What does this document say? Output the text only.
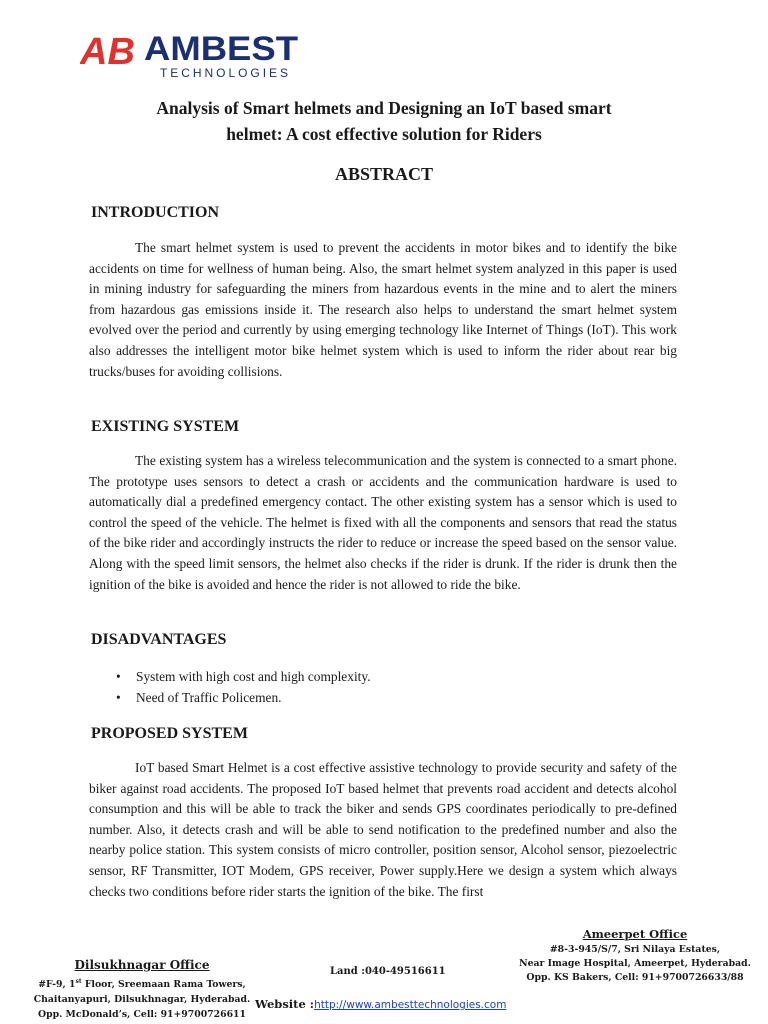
AB AMBEST
TECHNOLOGIES
Analysis of Smart helmets and Designing an IoT based smart
helmet: A cost effective solution for Riders
ABSTRACT
INTRODUCTION

The smart helmet system is used to prevent the accidents in motor bikes and to identify the bike accidents on time for wellness of human being. Also, the smart helmet system analyzed in this paper is used in mining industry for safeguarding the miners from hazardous events in the mine and to alert the miners from hazardous gas emissions inside it. The research also helps to understand the smart helmet system evolved over the period and currently by using emerging technology like Internet of Things (IoT). This work also addresses the intelligent motor bike helmet system which is used to inform the rider about rear big trucks/buses for avoiding collisions.

EXISTING SYSTEM

The existing system has a wireless telecommunication and the system is connected to a smart phone. The prototype uses sensors to detect a crash or accidents and the communication hardware is used to automatically dial a predefined emergency contact. The other existing system has a sensor which is used to control the speed of the vehicle. The helmet is fixed with all the components and sensors that read the status of the bike rider and accordingly instructs the rider to reduce or increase the speed based on the sensor value. Along with the speed limit sensors, the helmet also checks if the rider is drunk. If the rider is drunk then the ignition of the bike is avoided and hence the rider is not allowed to ride the bike.

DISADVANTAGES
• System with high cost and high complexity.
• Need of Traffic Policemen.
PROPOSED SYSTEM

IoT based Smart Helmet is a cost effective assistive technology to provide security and safety of the biker against road accidents. The proposed IoT based helmet that prevents road accident and detects alcohol consumption and this will be able to track the biker and sends GPS coordinates periodically to pre-defined number. Also, it detects crash and will be able to send notification to the predefined number and also the nearby police station. This system consists of micro controller, position sensor, Alcohol sensor, piezoelectric sensor, RF Transmitter, IOT Modem, GPS receiver, Power supply.Here we design a system which always checks two conditions before rider starts the ignition of the bike. The first

Ameerpet Office
#8-3-945/S/7, Sri Nilaya Estates,
Near Image Hospital, Ameerpet, Hyderabad.
Opp. KS Bakers, Cell: 91+9700726633/88
Dilsukhnagar Office
#F-9, 1st Floor, Sreemaan Rama Towers,
Chaitanyapuri, Dilsukhnagar, Hyderabad.
Opp. McDonald’s, Cell: 91+9700726611
Land :040-49516611
Website :http://www.ambesttechnologies.com
